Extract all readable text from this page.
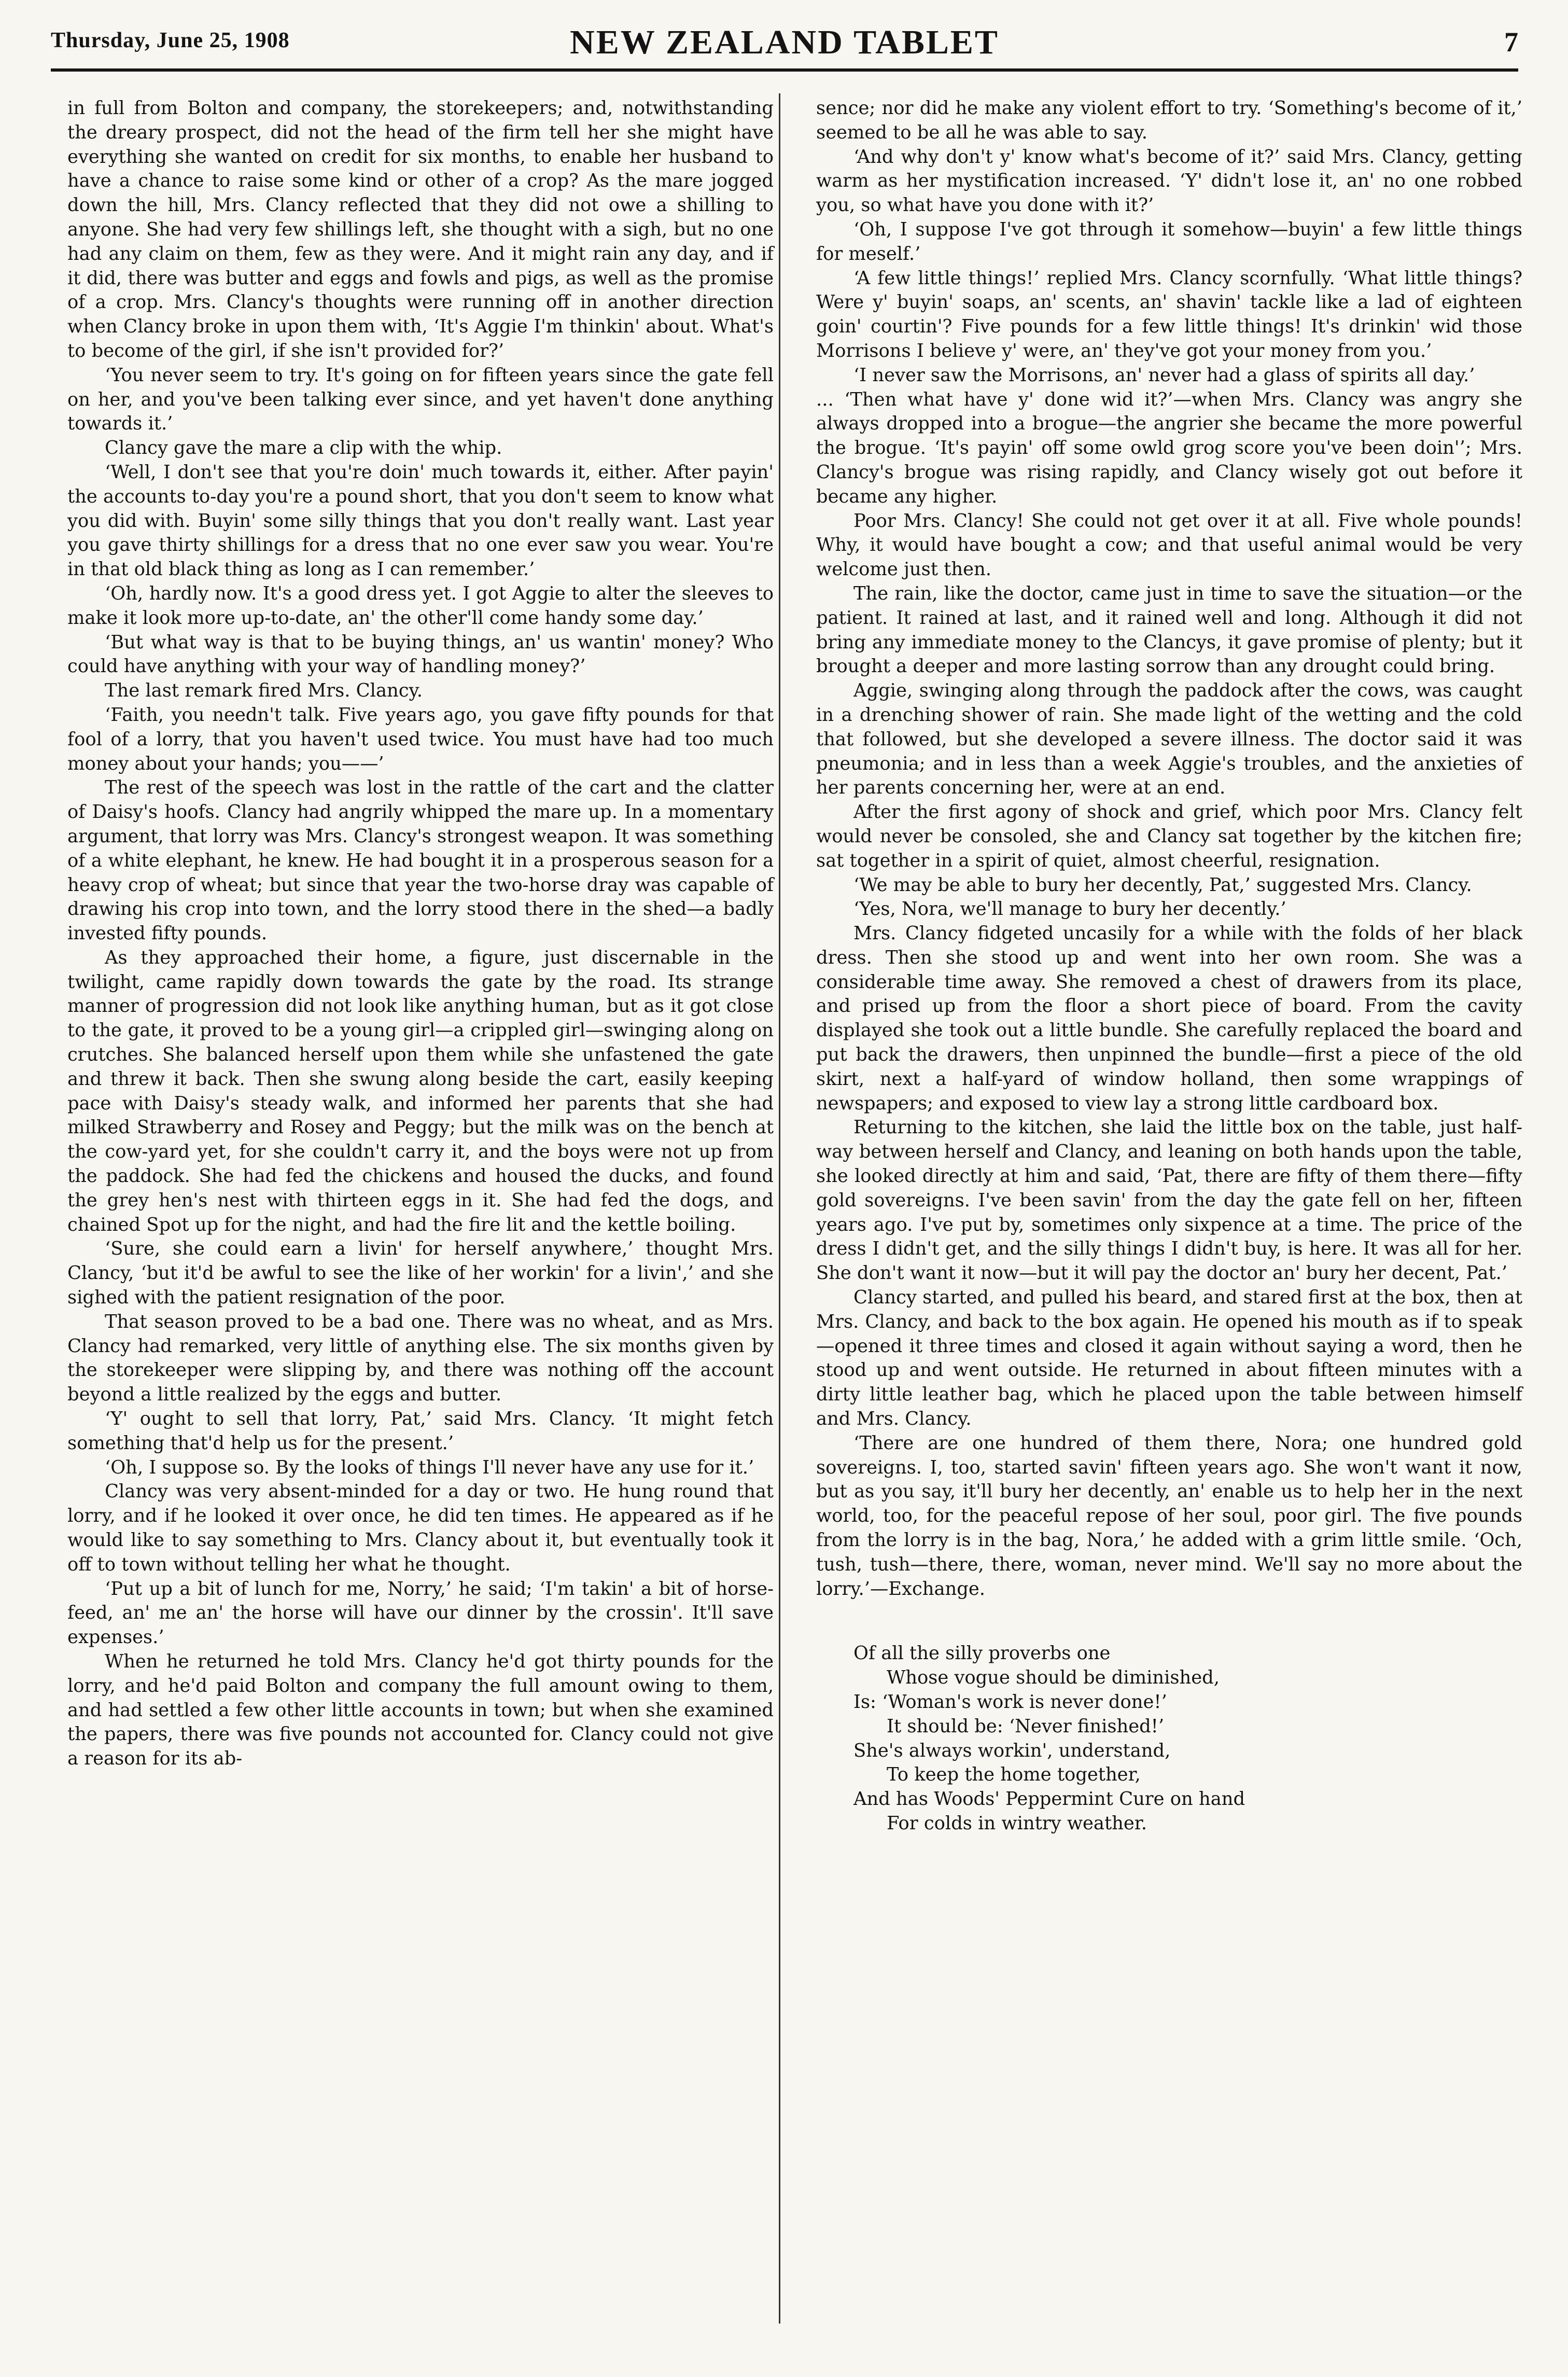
Thursday, June 25, 1908	NEW ZEALAND TABLET	7

in full from Bolton and company, the storekeepers; and, notwithstanding the dreary prospect, did not the head of the firm tell her she might have everything she wanted on credit for six months, to enable her husband to have a chance to raise some kind or other of a crop? As the mare jogged down the hill, Mrs. Clancy reflected that they did not owe a shilling to anyone. She had very few shillings left, she thought with a sigh, but no one had any claim on them, few as they were. And it might rain any day, and if it did, there was butter and eggs and fowls and pigs, as well as the promise of a crop. Mrs. Clancy's thoughts were running off in another direction when Clancy broke in upon them with, ‘It's Aggie I'm thinkin' about. What's to become of the girl, if she isn't provided for?’

‘You never seem to try. It's going on for fifteen years since the gate fell on her, and you've been talking ever since, and yet haven't done anything towards it.’

Clancy gave the mare a clip with the whip.

‘Well, I don't see that you're doin' much towards it, either. After payin' the accounts to-day you're a pound short, that you don't seem to know what you did with. Buyin' some silly things that you don't really want. Last year you gave thirty shillings for a dress that no one ever saw you wear. You're in that old black thing as long as I can remember.’

‘Oh, hardly now. It's a good dress yet. I got Aggie to alter the sleeves to make it look more up-to-date, an' the other'll come handy some day.’

‘But what way is that to be buying things, an' us wantin' money? Who could have anything with your way of handling money?’

The last remark fired Mrs. Clancy.

‘Faith, you needn't talk. Five years ago, you gave fifty pounds for that fool of a lorry, that you haven't used twice. You must have had too much money about your hands; you——’

The rest of the speech was lost in the rattle of the cart and the clatter of Daisy's hoofs. Clancy had angrily whipped the mare up. In a momentary argument, that lorry was Mrs. Clancy's strongest weapon. It was something of a white elephant, he knew. He had bought it in a prosperous season for a heavy crop of wheat; but since that year the two-horse dray was capable of drawing his crop into town, and the lorry stood there in the shed—a badly invested fifty pounds.

As they approached their home, a figure, just discernable in the twilight, came rapidly down towards the gate by the road. Its strange manner of progression did not look like anything human, but as it got close to the gate, it proved to be a young girl—a crippled girl—swinging along on crutches. She balanced herself upon them while she unfastened the gate and threw it back. Then she swung along beside the cart, easily keeping pace with Daisy's steady walk, and informed her parents that she had milked Strawberry and Rosey and Peggy; but the milk was on the bench at the cow-yard yet, for she couldn't carry it, and the boys were not up from the paddock. She had fed the chickens and housed the ducks, and found the grey hen's nest with thirteen eggs in it. She had fed the dogs, and chained Spot up for the night, and had the fire lit and the kettle boiling.

‘Sure, she could earn a livin' for herself anywhere,’ thought Mrs. Clancy, ‘but it'd be awful to see the like of her workin' for a livin',’ and she sighed with the patient resignation of the poor.

That season proved to be a bad one. There was no wheat, and as Mrs. Clancy had remarked, very little of anything else. The six months given by the storekeeper were slipping by, and there was nothing off the account beyond a little realized by the eggs and butter.

‘Y' ought to sell that lorry, Pat,’ said Mrs. Clancy. ‘It might fetch something that'd help us for the present.’

‘Oh, I suppose so. By the looks of things I'll never have any use for it.’

Clancy was very absent-minded for a day or two. He hung round that lorry, and if he looked it over once, he did ten times. He appeared as if he would like to say something to Mrs. Clancy about it, but eventually took it off to town without telling her what he thought.

‘Put up a bit of lunch for me, Norry,’ he said; ‘I'm takin' a bit of horse-feed, an' me an' the horse will have our dinner by the crossin'. It'll save expenses.’

When he returned he told Mrs. Clancy he'd got thirty pounds for the lorry, and he'd paid Bolton and company the full amount owing to them, and had settled a few other little accounts in town; but when she examined the papers, there was five pounds not accounted for. Clancy could not give a reason for its ab-

sence; nor did he make any violent effort to try. ‘Something's become of it,’ seemed to be all he was able to say.

‘And why don't y' know what's become of it?’ said Mrs. Clancy, getting warm as her mystification increased. ‘Y' didn't lose it, an' no one robbed you, so what have you done with it?’

‘Oh, I suppose I've got through it somehow—buyin' a few little things for meself.’

‘A few little things!’ replied Mrs. Clancy scornfully. ‘What little things? Were y' buyin' soaps, an' scents, an' shavin' tackle like a lad of eighteen goin' courtin'? Five pounds for a few little things! It's drinkin' wid those Morrisons I believe y' were, an' they've got your money from you.’

‘I never saw the Morrisons, an' never had a glass of spirits all day.’

... ‘Then what have y' done wid it?’—when Mrs. Clancy was angry she always dropped into a brogue—the angrier she became the more powerful the brogue. ‘It's payin' off some owld grog score you've been doin'’; Mrs. Clancy's brogue was rising rapidly, and Clancy wisely got out before it became any higher.

Poor Mrs. Clancy! She could not get over it at all. Five whole pounds! Why, it would have bought a cow; and that useful animal would be very welcome just then.

The rain, like the doctor, came just in time to save the situation—or the patient. It rained at last, and it rained well and long. Although it did not bring any immediate money to the Clancys, it gave promise of plenty; but it brought a deeper and more lasting sorrow than any drought could bring.

Aggie, swinging along through the paddock after the cows, was caught in a drenching shower of rain. She made light of the wetting and the cold that followed, but she developed a severe illness. The doctor said it was pneumonia; and in less than a week Aggie's troubles, and the anxieties of her parents concerning her, were at an end.

After the first agony of shock and grief, which poor Mrs. Clancy felt would never be consoled, she and Clancy sat together by the kitchen fire; sat together in a spirit of quiet, almost cheerful, resignation.

‘We may be able to bury her decently, Pat,’ suggested Mrs. Clancy.

‘Yes, Nora, we'll manage to bury her decently.’

Mrs. Clancy fidgeted uncasily for a while with the folds of her black dress. Then she stood up and went into her own room. She was a considerable time away. She removed a chest of drawers from its place, and prised up from the floor a short piece of board. From the cavity displayed she took out a little bundle. She carefully replaced the board and put back the drawers, then unpinned the bundle—first a piece of the old skirt, next a half-yard of window holland, then some wrappings of newspapers; and exposed to view lay a strong little cardboard box.

Returning to the kitchen, she laid the little box on the table, just half-way between herself and Clancy, and leaning on both hands upon the table, she looked directly at him and said, ‘Pat, there are fifty of them there—fifty gold sovereigns. I've been savin' from the day the gate fell on her, fifteen years ago. I've put by, sometimes only sixpence at a time. The price of the dress I didn't get, and the silly things I didn't buy, is here. It was all for her. She don't want it now—but it will pay the doctor an' bury her decent, Pat.’

Clancy started, and pulled his beard, and stared first at the box, then at Mrs. Clancy, and back to the box again. He opened his mouth as if to speak—opened it three times and closed it again without saying a word, then he stood up and went outside. He returned in about fifteen minutes with a dirty little leather bag, which he placed upon the table between himself and Mrs. Clancy.

‘There are one hundred of them there, Nora; one hundred gold sovereigns. I, too, started savin' fifteen years ago. She won't want it now, but as you say, it'll bury her decently, an' enable us to help her in the next world, too, for the peaceful repose of her soul, poor girl. The five pounds from the lorry is in the bag, Nora,’ he added with a grim little smile. ‘Och, tush, tush—there, there, woman, never mind. We'll say no more about the lorry.’—Exchange.

Of all the silly proverbs one
Whose vogue should be diminished,
Is: ‘Woman's work is never done!’
It should be: ‘Never finished!’
She's always workin', understand,
To keep the home together,
And has Woods' Peppermint Cure on hand
For colds in wintry weather.
